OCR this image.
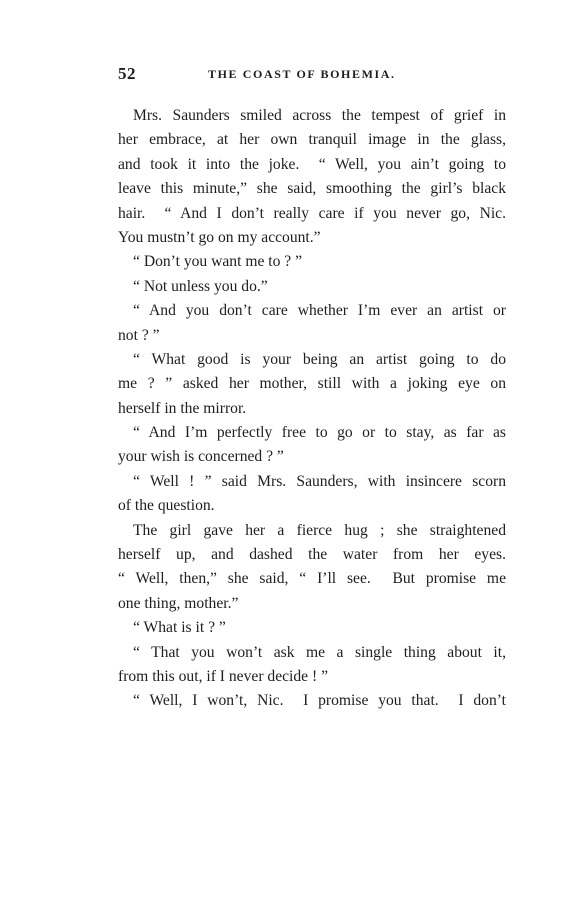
52	THE COAST OF BOHEMIA.
Mrs. Saunders smiled across the tempest of grief in
her embrace, at her own tranquil image in the glass,
and took it into the joke.  “ Well, you ain’t going to
leave this minute,” she said, smoothing the girl’s black
hair.  “ And I don’t really care if you never go, Nic.
You mustn’t go on my account.”
“ Don’t you want me to ? ”
“ Not unless you do.”
“ And you don’t care whether I’m ever an artist or
not ? ”
“ What good is your being an artist going to do
me ? ” asked her mother, still with a joking eye on
herself in the mirror.
“ And I’m perfectly free to go or to stay, as far as
your wish is concerned ? ”
“ Well ! ” said Mrs. Saunders, with insincere scorn
of the question.
The girl gave her a fierce hug ; she straightened
herself up, and dashed the water from her eyes.
“ Well, then,” she said, “ I’ll see.  But promise me
one thing, mother.”
“ What is it ? ”
“ That you won’t ask me a single thing about it,
from this out, if I never decide ! ”
“ Well, I won’t, Nic.  I promise you that.  I don’t
